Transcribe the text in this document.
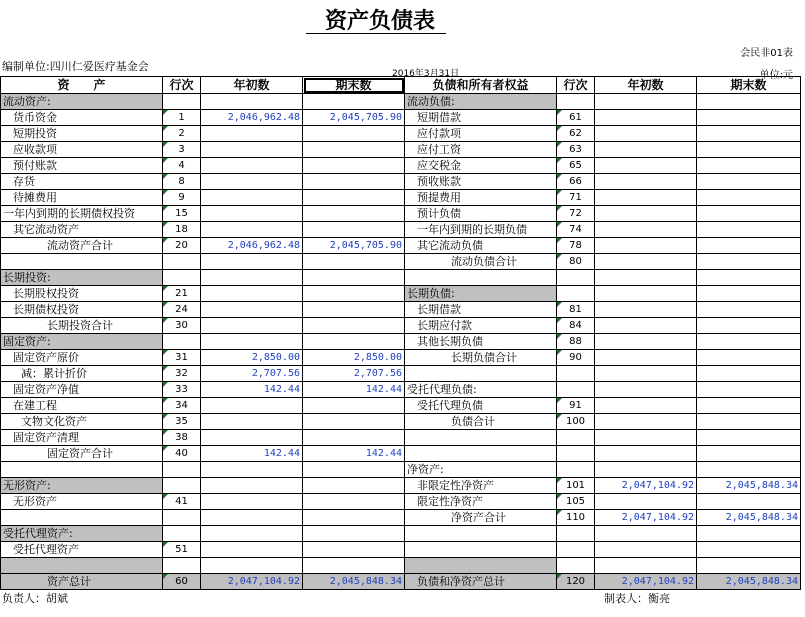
资产负债表
会民非01表
编制单位:四川仁爱医疗基金会
2016年3月31日	单位:元
资　　产	行次	年初数	期末数	负债和所有者权益	行次	年初数	期末数
流动资产:				流动负债:			
货币资金	1	2,046,962.48	2,045,705.90	短期借款	61		
短期投资	2			应付款项	62		
应收款项	3			应付工资	63		
预付账款	4			应交税金	65		
存货	8			预收账款	66		
待摊费用	9			预提费用	71		
一年内到期的长期债权投资	15			预计负债	72		
其它流动资产	18			一年内到期的长期负债	74		
流动资产合计	20	2,046,962.48	2,045,705.90	其它流动负债	78		
				流动负债合计	80		
长期投资:							
长期股权投资	21			长期负债:			
长期债权投资	24			长期借款	81		
长期投资合计	30			长期应付款	84		
固定资产:				其他长期负债	88		
固定资产原价	31	2,850.00	2,850.00	长期负债合计	90		
减：累计折价	32	2,707.56	2,707.56				
固定资产净值	33	142.44	142.44	受托代理负债:			
在建工程	34			受托代理负债	91		
文物文化资产	35			负债合计	100		
固定资产清理	38						
固定资产合计	40	142.44	142.44				
				净资产:			
无形资产:				非限定性净资产	101	2,047,104.92	2,045,848.34
无形资产	41			限定性净资产	105		
				净资产合计	110	2,047,104.92	2,045,848.34
受托代理资产:							
受托代理资产	51						

资产总计	60	2,047,104.92	2,045,848.34	负债和净资产总计	120	2,047,104.92	2,045,848.34
负责人：胡斌	制表人：衡亮
